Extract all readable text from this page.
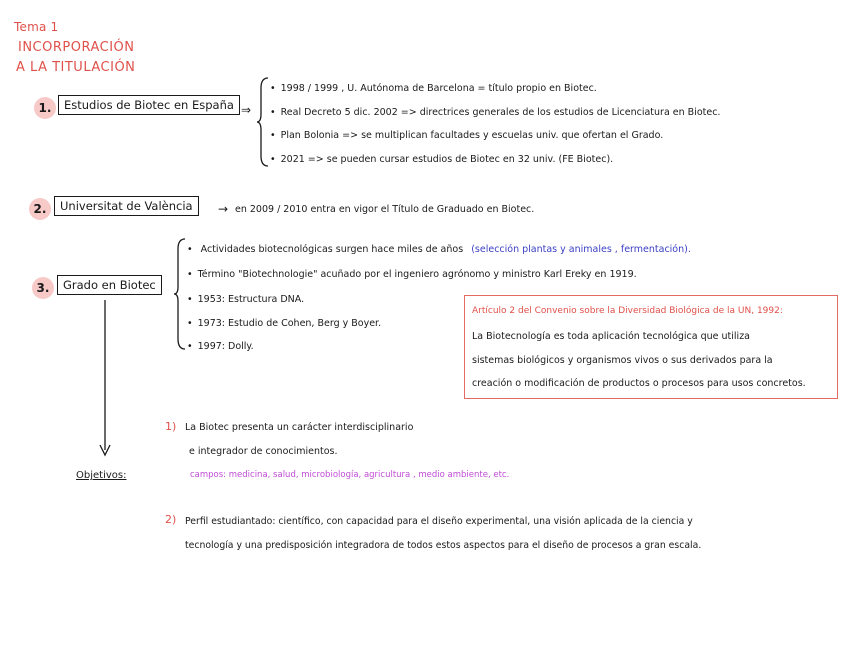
Tema 1
INCORPORACIÓN
A LA TITULACIÓN
1.	Estudios de Biotec en España ⇒
• 1998 / 1999 , U. Autónoma de Barcelona = título propio en Biotec.
• Real Decreto 5 dic. 2002 => directrices generales de los estudios de Licenciatura en Biotec.
• Plan Bolonia => se multiplican facultades y escuelas univ. que ofertan el Grado.
• 2021 => se pueden cursar estudios de Biotec en 32 univ. (FE Biotec).
2.	Universitat de València	→ en 2009 / 2010 entra en vigor el Título de Graduado en Biotec.
3.	Grado en Biotec
• Actividades biotecnológicas surgen hace miles de años (selección plantas y animales , fermentación).
• Término "Biotechnologie" acuñado por el ingeniero agrónomo y ministro Karl Ereky en 1919.
• 1953: Estructura DNA.
• 1973: Estudio de Cohen, Berg y Boyer.
• 1997: Dolly.
Artículo 2 del Convenio sobre la Diversidad Biológica de la UN, 1992:
La Biotecnología es toda aplicación tecnológica que utiliza
sistemas biológicos y organismos vivos o sus derivados para la
creación o modificación de productos o procesos para usos concretos.
Objetivos:
1) La Biotec presenta un carácter interdisciplinario
e integrador de conocimientos.
campos: medicina, salud, microbiología, agricultura , medio ambiente, etc.
2) Perfil estudiantado: científico, con capacidad para el diseño experimental, una visión aplicada de la ciencia y
tecnología y una predisposición integradora de todos estos aspectos para el diseño de procesos a gran escala.
